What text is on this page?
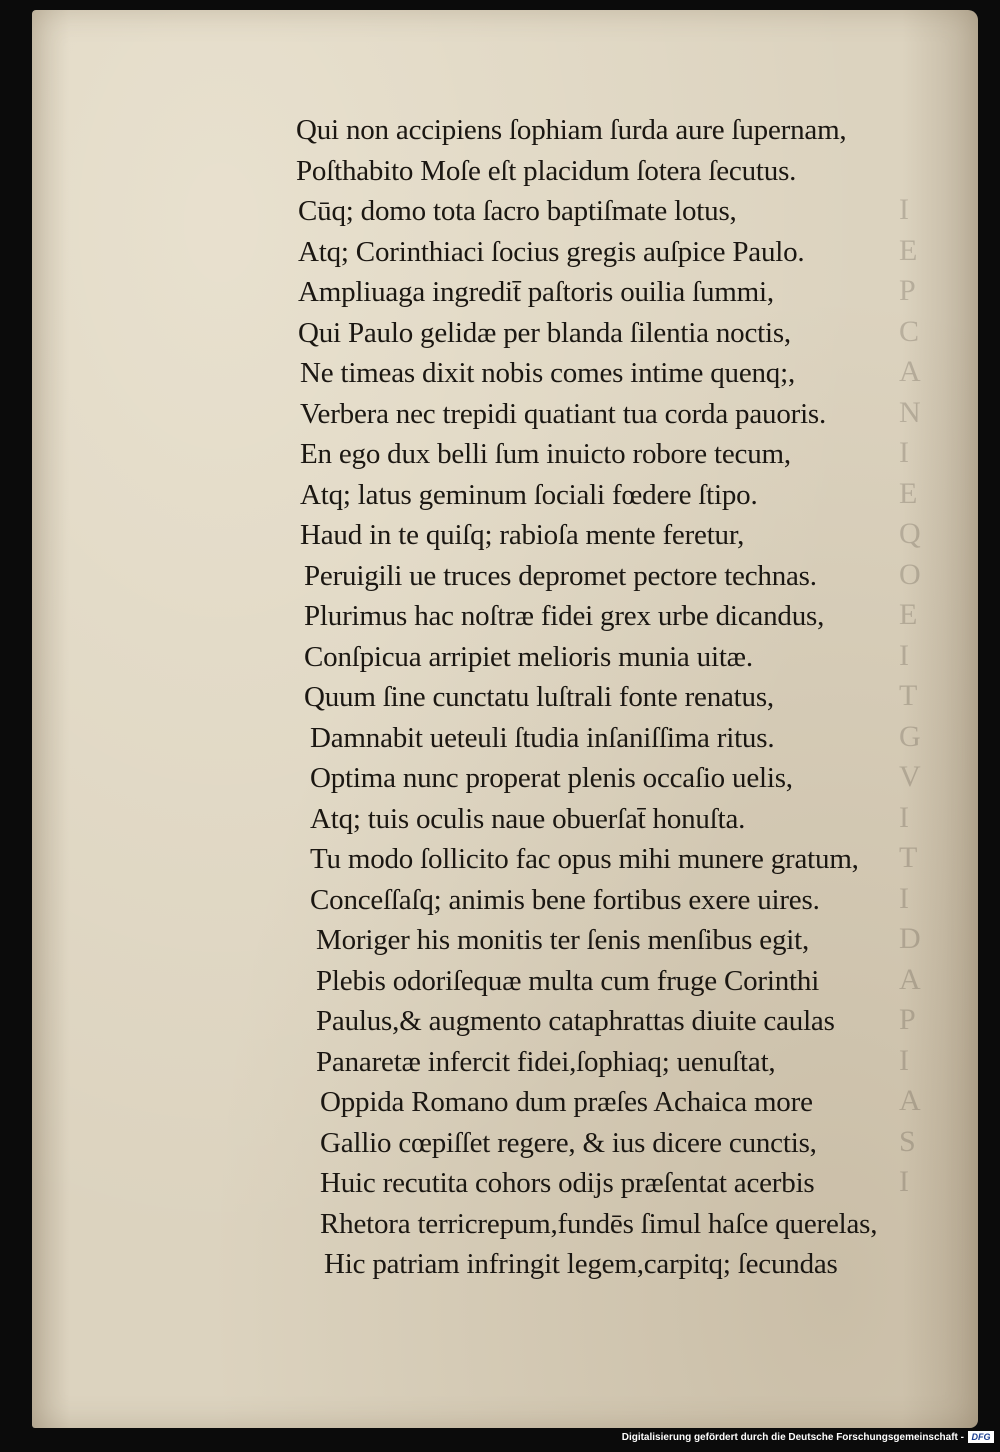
I
E
P
C
A
N
I
E
Q
O
E
I
T
G
V
I
T
I
D
A
P
I
A
S
I
Qui non accipiens ſophiam ſurda aure ſupernam,
Poſthabito Moſe eſt placidum ſotera ſecutus.
Cūq; domo tota ſacro baptiſmate lotus,
Atq; Corinthiaci ſocius gregis auſpice Paulo.
Ampliuaga ingredit̄ paſtoris ouilia ſummi,
Qui Paulo gelidæ per blanda ſilentia noctis,
Ne timeas dixit nobis comes intime quenq;,
Verbera nec trepidi quatiant tua corda pauoris.
En ego dux belli ſum inuicto robore tecum,
Atq; latus geminum ſociali fœdere ſtipo.
Haud in te quiſq; rabioſa mente feretur,
Peruigili ue truces depromet pectore technas.
Plurimus hac noſtræ fidei grex urbe dicandus,
Conſpicua arripiet melioris munia uitæ.
Quum ſine cunctatu luſtrali fonte renatus,
Damnabit ueteuli ſtudia inſaniſſima ritus.
Optima nunc properat plenis occaſio uelis,
Atq; tuis oculis naue obuerſat̄ honuſta.
Tu modo ſollicito fac opus mihi munere gratum,
Conceſſaſq; animis bene fortibus exere uires.
Moriger his monitis ter ſenis menſibus egit,
Plebis odoriſequæ multa cum fruge Corinthi
Paulus,& augmento cataphrattas diuite caulas
Panaretæ infercit fidei,ſophiaq; uenuſtat,
Oppida Romano dum præſes Achaica more
Gallio cœpiſſet regere, & ius dicere cunctis,
Huic recutita cohors odijs præſentat acerbis
Rhetora terricrepum,fundēs ſimul haſce querelas,
Hic patriam infringit legem,carpitq; ſecundas
Digitalisierung gefördert durch die Deutsche Forschungsgemeinschaft - DFG
